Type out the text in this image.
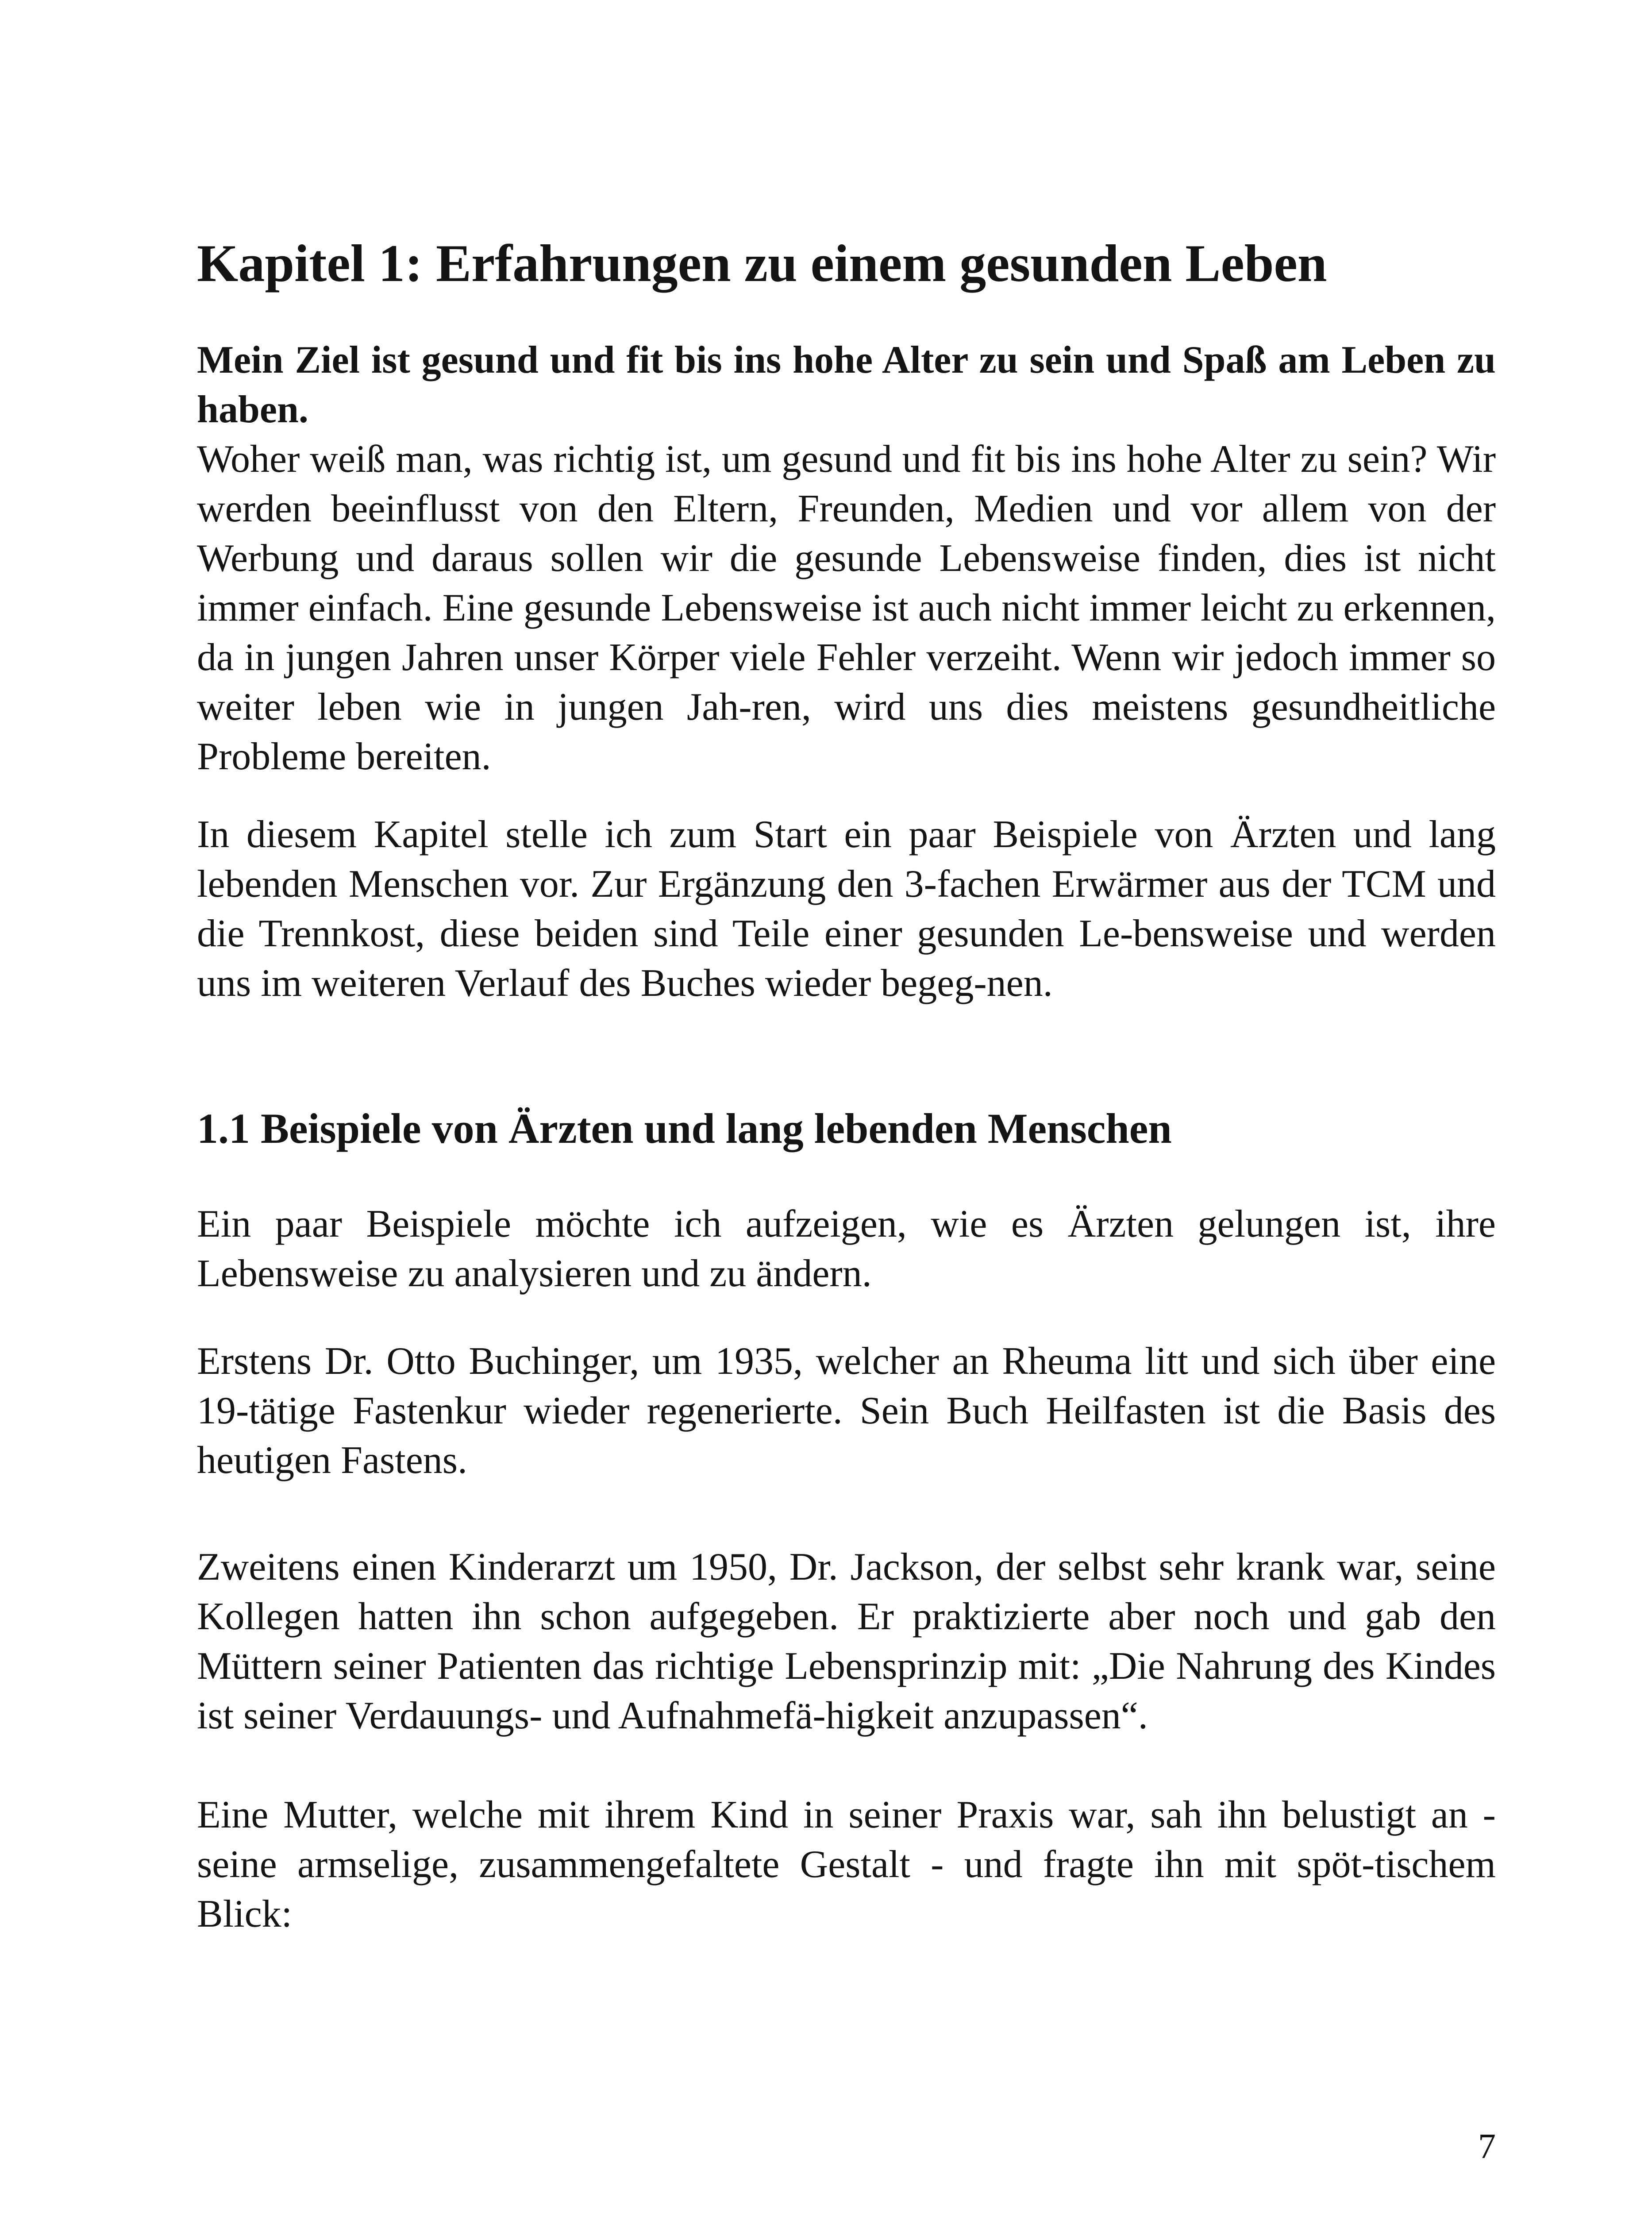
Kapitel 1: Erfahrungen zu einem gesunden Leben

Mein Ziel ist gesund und fit bis ins hohe Alter zu sein und Spaß am Leben zu haben.

Woher weiß man, was richtig ist, um gesund und fit bis ins hohe Alter zu sein? Wir werden beeinflusst von den Eltern, Freunden, Medien und vor allem von der Werbung und daraus sollen wir die gesunde Lebensweise finden, dies ist nicht immer einfach. Eine gesunde Lebensweise ist auch nicht immer leicht zu erkennen, da in jungen Jahren unser Körper viele Fehler verzeiht. Wenn wir jedoch immer so weiter leben wie in jungen Jah-ren, wird uns dies meistens gesundheitliche Probleme bereiten.

In diesem Kapitel stelle ich zum Start ein paar Beispiele von Ärzten und lang lebenden Menschen vor. Zur Ergänzung den 3-fachen Erwärmer aus der TCM und die Trennkost, diese beiden sind Teile einer gesunden Le-bensweise und werden uns im weiteren Verlauf des Buches wieder begeg-nen.

1.1 Beispiele von Ärzten und lang lebenden Menschen

Ein paar Beispiele möchte ich aufzeigen, wie es Ärzten gelungen ist, ihre Lebensweise zu analysieren und zu ändern.

Erstens Dr. Otto Buchinger, um 1935, welcher an Rheuma litt und sich über eine 19-tätige Fastenkur wieder regenerierte. Sein Buch Heilfasten ist die Basis des heutigen Fastens.

Zweitens einen Kinderarzt um 1950, Dr. Jackson, der selbst sehr krank war, seine Kollegen hatten ihn schon aufgegeben. Er praktizierte aber noch und gab den Müttern seiner Patienten das richtige Lebensprinzip mit: „Die Nahrung des Kindes ist seiner Verdauungs- und Aufnahmefä-higkeit anzupassen“.

Eine Mutter, welche mit ihrem Kind in seiner Praxis war, sah ihn belustigt an - seine armselige, zusammengefaltete Gestalt - und fragte ihn mit spöt-tischem Blick:

7
